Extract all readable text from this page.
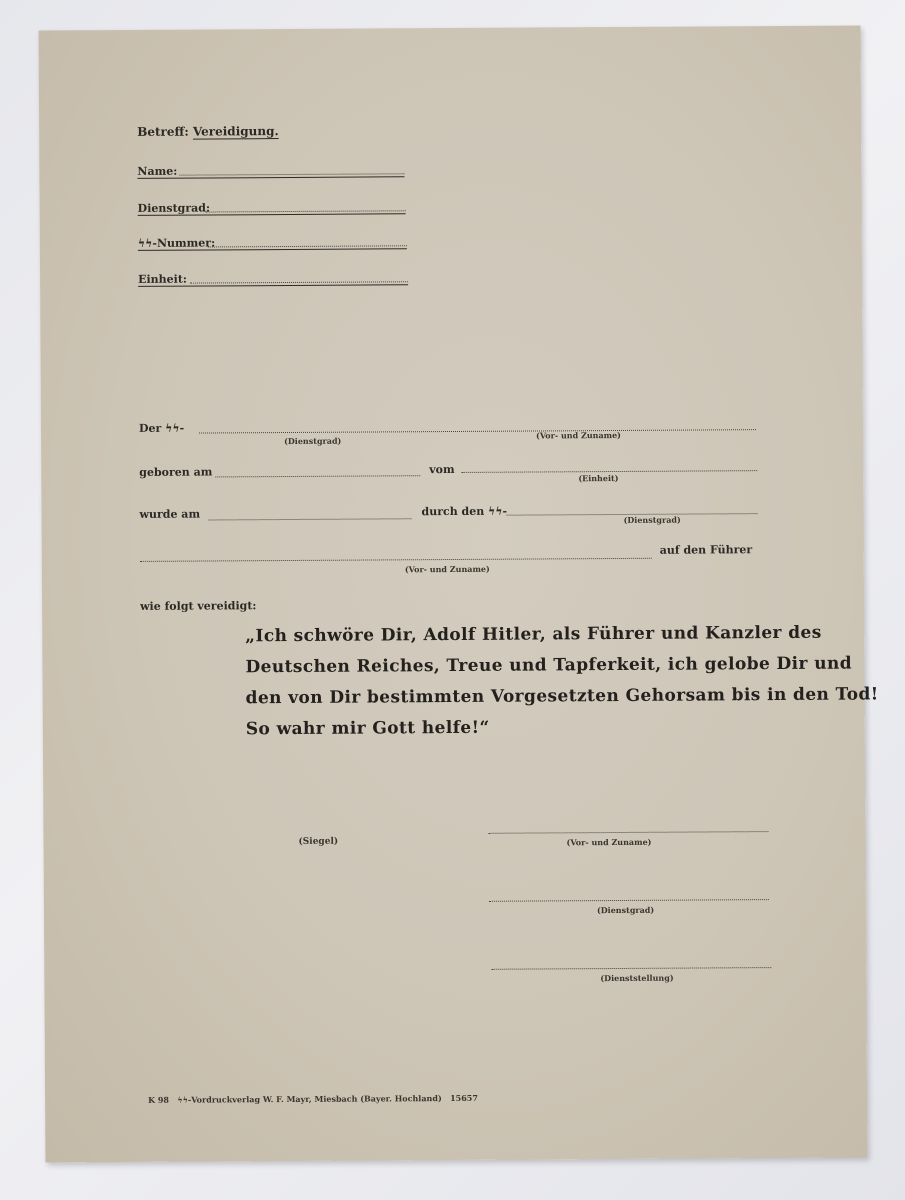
Betreff: Vereidigung.
Name:
Dienstgrad:
ϟϟ-Nummer:
Einheit:
Der ϟϟ-
(Dienstgrad)
(Vor- und Zuname)
geboren am	vom
(Einheit)
wurde am	durch den ϟϟ-
(Dienstgrad)
auf den Führer
(Vor- und Zuname)
wie folgt vereidigt:
„Ich schwöre Dir, Adolf Hitler, als Führer und Kanzler des
Deutschen Reiches, Treue und Tapferkeit, ich gelobe Dir und
den von Dir bestimmten Vorgesetzten Gehorsam bis in den Tod!
So wahr mir Gott helfe!“
(Siegel)	(Vor- und Zuname)
(Dienstgrad)
(Dienststellung)
K 98 ϟϟ-Vordruckverlag W. F. Mayr, Miesbach (Bayer. Hochland) 15657
